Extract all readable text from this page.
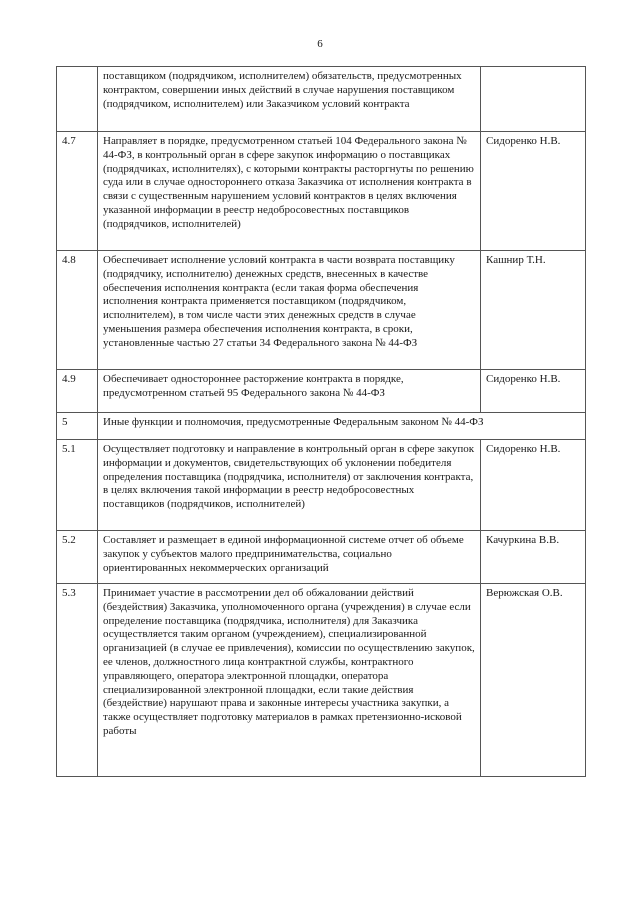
6
	поставщиком (подрядчиком, исполнителем) обязательств, предусмотренных контрактом, совершении иных действий в случае нарушения поставщиком (подрядчиком, исполнителем) или Заказчиком условий контракта	
4.7	Направляет в порядке, предусмотренном статьей 104 Федерального закона № 44-ФЗ, в контрольный орган в сфере закупок информацию о поставщиках (подрядчиках, исполнителях), с которыми контракты расторгнуты по решению суда или в случае одностороннего отказа Заказчика от исполнения контракта в связи с существенным нарушением условий контрактов в целях включения указанной информации в реестр недобросовестных поставщиков (подрядчиков, исполнителей)	Сидоренко Н.В.
4.8	Обеспечивает исполнение условий контракта в части возврата поставщику (подрядчику, исполнителю) денежных средств, внесенных в качестве обеспечения исполнения контракта (если такая форма обеспечения исполнения контракта применяется поставщиком (подрядчиком, исполнителем), в том числе части этих денежных средств в случае уменьшения размера обеспечения исполнения контракта, в сроки, установленные частью 27 статьи 34 Федерального закона № 44-ФЗ	Кашнир Т.Н.
4.9	Обеспечивает одностороннее расторжение контракта в порядке, предусмотренном статьей 95 Федерального закона № 44-ФЗ	Сидоренко Н.В.
5	Иные функции и полномочия, предусмотренные Федеральным законом № 44-ФЗ	
5.1	Осуществляет подготовку и направление в контрольный орган в сфере закупок информации и документов, свидетельствующих об уклонении победителя определения поставщика (подрядчика, исполнителя) от заключения контракта, в целях включения такой информации в реестр недобросовестных поставщиков (подрядчиков, исполнителей)	Сидоренко Н.В.
5.2	Составляет и размещает в единой информационной системе отчет об объеме закупок у субъектов малого предпринимательства, социально ориентированных некоммерческих организаций	Качуркина В.В.
5.3	Принимает участие в рассмотрении дел об обжаловании действий (бездействия) Заказчика, уполномоченного органа (учреждения) в случае если определение поставщика (подрядчика, исполнителя) для Заказчика осуществляется таким органом (учреждением), специализированной организацией (в случае ее привлечения), комиссии по осуществлению закупок, ее членов, должностного лица контрактной службы, контрактного управляющего, оператора электронной площадки, оператора специализированной электронной площадки, если такие действия (бездействие) нарушают права и законные интересы участника закупки, а также осуществляет подготовку материалов в рамках претензионно-исковой работы	Верюжская О.В.
